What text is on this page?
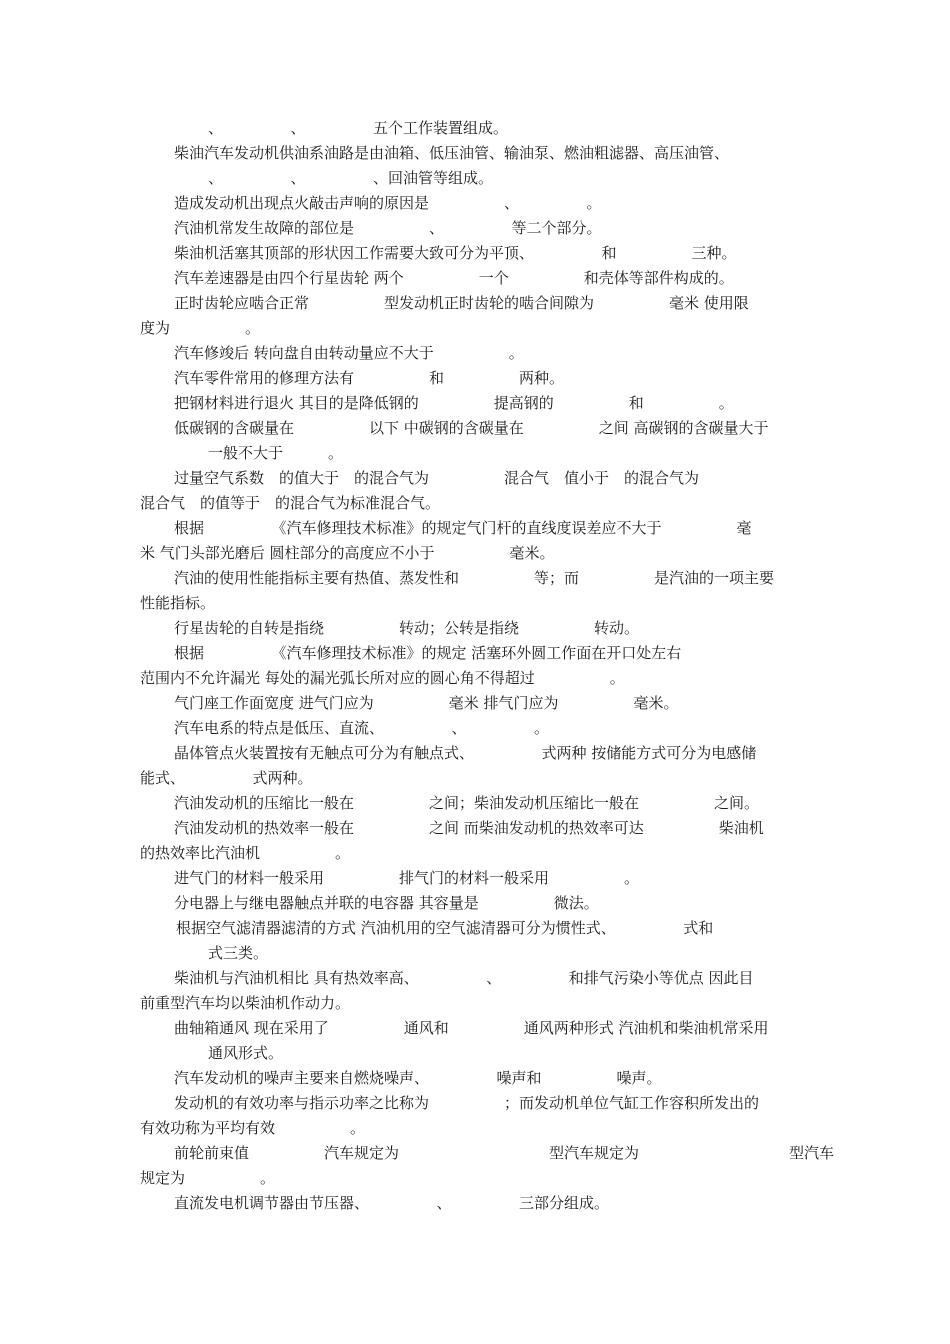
、　　　　　、　　　　　五个工作装置组成。
柴油汽车发动机供油系油路是由油箱、低压油管、输油泵、燃油粗滤器、高压油管、
、　　　　　、　　　　　、回油管等组成。
造成发动机出现点火敲击声响的原因是　　　　　、　　　　　。
汽油机常发生故障的部位是　　　　　、　　　　　等二个部分。
柴油机活塞其顶部的形状因工作需要大致可分为平顶、　　　　　和　　　　　三种。
汽车差速器是由四个行星齿轮 两个　　　　　一个　　　　　和壳体等部件构成的。
正时齿轮应啮合正常　　　　　型发动机正时齿轮的啮合间隙为　　　　　毫米 使用限
度为　　　　　。
汽车修竣后 转向盘自由转动量应不大于　　　　　。
汽车零件常用的修理方法有　　　　　和　　　　　两种。
把钢材料进行退火 其目的是降低钢的　　　　　提高钢的　　　　　和　　　　　。
低碳钢的含碳量在　　　　　以下 中碳钢的含碳量在　　　　　之间 高碳钢的含碳量大于
一般不大于　　　。
过量空气系数　的值大于　的混合气为　　　　　混合气　值小于　的混合气为
混合气　的值等于　的混合气为标准混合气。
根据　　　　　《汽车修理技术标准》的规定气门杆的直线度误差应不大于　　　　　毫
米 气门头部光磨后 圆柱部分的高度应不小于　　　　　毫米。
汽油的使用性能指标主要有热值、蒸发性和　　　　　等；而　　　　　是汽油的一项主要
性能指标。
行星齿轮的自转是指绕　　　　　转动；公转是指绕　　　　　转动。
根据　　　　　《汽车修理技术标准》的规定 活塞环外圆工作面在开口处左右
范围内不允许漏光 每处的漏光弧长所对应的圆心角不得超过　　　　　。
气门座工作面宽度 进气门应为　　　　　毫米 排气门应为　　　　　毫米。
汽车电系的特点是低压、直流、　　　　　、　　　　　。
晶体管点火装置按有无触点可分为有触点式、　　　　　式两种 按储能方式可分为电感储
能式、　　　　　式两种。
汽油发动机的压缩比一般在　　　　　之间；柴油发动机压缩比一般在　　　　　之间。
汽油发动机的热效率一般在　　　　　之间 而柴油发动机的热效率可达　　　　　柴油机
的热效率比汽油机　　　　　。
进气门的材料一般采用　　　　　排气门的材料一般采用　　　　　。
分电器上与继电器触点并联的电容器 其容量是　　　　　微法。
根据空气滤清器滤清的方式 汽油机用的空气滤清器可分为惯性式、　　　　　式和
式三类。
柴油机与汽油机相比 具有热效率高、　　　　　、　　　　　和排气污染小等优点 因此目
前重型汽车均以柴油机作动力。
曲轴箱通风 现在采用了　　　　　通风和　　　　　通风两种形式 汽油机和柴油机常采用
通风形式。
汽车发动机的噪声主要来自燃烧噪声、　　　　　噪声和　　　　　噪声。
发动机的有效功率与指示功率之比称为　　　　　；而发动机单位气缸工作容积所发出的
有效功称为平均有效　　　　　。
前轮前束值　　　　　汽车规定为　　　　　　　　　　型汽车规定为　　　　　　　　　　型汽车
规定为　　　　　。
直流发电机调节器由节压器、　　　　　、　　　　　三部分组成。
